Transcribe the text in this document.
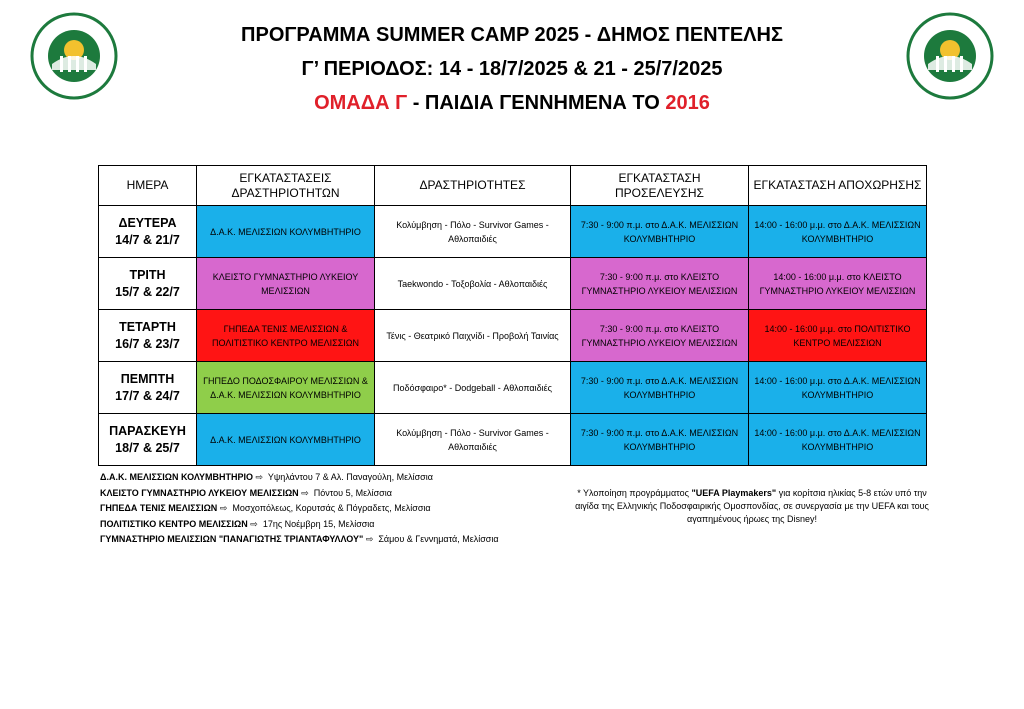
ΠΡΟΓΡΑΜΜΑ SUMMER CAMP 2025 - ΔΗΜΟΣ ΠΕΝΤΕΛΗΣ
Γ’ ΠΕΡΙΟΔΟΣ: 14 - 18/7/2025 & 21 - 25/7/2025
ΟΜΑΔΑ Γ - ΠΑΙΔΙΑ ΓΕΝΝΗΜΕΝΑ ΤΟ 2016
ΗΜΕΡΑ	ΕΓΚΑΤΑΣΤΑΣΕΙΣ ΔΡΑΣΤΗΡΙΟΤΗΤΩΝ	ΔΡΑΣΤΗΡΙΟΤΗΤΕΣ	ΕΓΚΑΤΑΣΤΑΣΗ ΠΡΟΣΕΛΕΥΣΗΣ	ΕΓΚΑΤΑΣΤΑΣΗ ΑΠΟΧΩΡΗΣΗΣ

ΔΕΥΤΕΡΑ
14/7 & 21/7	Δ.Α.Κ. ΜΕΛΙΣΣΙΩΝ ΚΟΛΥΜΒΗΤΗΡΙΟ	Κολύμβηση - Πόλο - Survivor Games - Αθλοπαιδιές	7:30 - 9:00 π.μ. στο Δ.Α.Κ. ΜΕΛΙΣΣΙΩΝ ΚΟΛΥΜΒΗΤΗΡΙΟ	14:00 - 16:00 μ.μ. στο Δ.Α.Κ. ΜΕΛΙΣΣΙΩΝ ΚΟΛΥΜΒΗΤΗΡΙΟ

ΤΡΙΤΗ
15/7 & 22/7	ΚΛΕΙΣΤΟ ΓΥΜΝΑΣΤΗΡΙΟ ΛΥΚΕΙΟΥ ΜΕΛΙΣΣΙΩΝ	Taekwondo - Τοξοβολία - Αθλοπαιδιές	7:30 - 9:00 π.μ. στο ΚΛΕΙΣΤΟ ΓΥΜΝΑΣΤΗΡΙΟ ΛΥΚΕΙΟΥ ΜΕΛΙΣΣΙΩΝ	14:00 - 16:00 μ.μ. στο ΚΛΕΙΣΤΟ ΓΥΜΝΑΣΤΗΡΙΟ ΛΥΚΕΙΟΥ ΜΕΛΙΣΣΙΩΝ

ΤΕΤΑΡΤΗ
16/7 & 23/7	ΓΗΠΕΔΑ ΤΕΝΙΣ ΜΕΛΙΣΣΙΩΝ & ΠΟΛΙΤΙΣΤΙΚΟ ΚΕΝΤΡΟ ΜΕΛΙΣΣΙΩΝ	Τένις - Θεατρικό Παιχνίδι - Προβολή Ταινίας	7:30 - 9:00 π.μ. στο ΚΛΕΙΣΤΟ ΓΥΜΝΑΣΤΗΡΙΟ ΛΥΚΕΙΟΥ ΜΕΛΙΣΣΙΩΝ	14:00 - 16:00 μ.μ. στο ΠΟΛΙΤΙΣΤΙΚΟ ΚΕΝΤΡΟ ΜΕΛΙΣΣΙΩΝ

ΠΕΜΠΤΗ
17/7 & 24/7	ΓΗΠΕΔΟ ΠΟΔΟΣΦΑΙΡΟΥ ΜΕΛΙΣΣΙΩΝ & Δ.Α.Κ. ΜΕΛΙΣΣΙΩΝ ΚΟΛΥΜΒΗΤΗΡΙΟ	Ποδόσφαιρο* - Dodgeball - Αθλοπαιδιές	7:30 - 9:00 π.μ. στο Δ.Α.Κ. ΜΕΛΙΣΣΙΩΝ ΚΟΛΥΜΒΗΤΗΡΙΟ	14:00 - 16:00 μ.μ. στο Δ.Α.Κ. ΜΕΛΙΣΣΙΩΝ ΚΟΛΥΜΒΗΤΗΡΙΟ

ΠΑΡΑΣΚΕΥΗ
18/7 & 25/7	Δ.Α.Κ. ΜΕΛΙΣΣΙΩΝ ΚΟΛΥΜΒΗΤΗΡΙΟ	Κολύμβηση - Πόλο - Survivor Games - Αθλοπαιδιές	7:30 - 9:00 π.μ. στο Δ.Α.Κ. ΜΕΛΙΣΣΙΩΝ ΚΟΛΥΜΒΗΤΗΡΙΟ	14:00 - 16:00 μ.μ. στο Δ.Α.Κ. ΜΕΛΙΣΣΙΩΝ ΚΟΛΥΜΒΗΤΗΡΙΟ
Δ.Α.Κ. ΜΕΛΙΣΣΙΩΝ ΚΟΛΥΜΒΗΤΗΡΙΟ ⇨ Υψηλάντου 7 & Αλ. Παναγούλη, Μελίσσια
ΚΛΕΙΣΤΟ ΓΥΜΝΑΣΤΗΡΙΟ ΛΥΚΕΙΟΥ ΜΕΛΙΣΣΙΩΝ ⇨ Πόντου 5, Μελίσσια
ΓΗΠΕΔΑ ΤΕΝΙΣ ΜΕΛΙΣΣΙΩΝ ⇨ Μοσχοπόλεως, Κορυτσάς & Πόγραδετς, Μελίσσια
ΠΟΛΙΤΙΣΤΙΚΟ ΚΕΝΤΡΟ ΜΕΛΙΣΣΙΩΝ ⇨ 17ης Νοέμβρη 15, Μελίσσια
ΓΥΜΝΑΣΤΗΡΙΟ ΜΕΛΙΣΣΙΩΝ "ΠΑΝΑΓΙΩΤΗΣ ΤΡΙΑΝΤΑΦΥΛΛΟΥ" ⇨ Σάμου & Γεννηματά, Μελίσσια
* Υλοποίηση προγράμματος "UEFA Playmakers" για κορίτσια ηλικίας 5-8 ετών υπό την αιγίδα της Ελληνικής Ποδοσφαιρικής Ομοσπονδίας, σε συνεργασία με την UEFA και τους αγαπημένους ήρωες της Disney!
